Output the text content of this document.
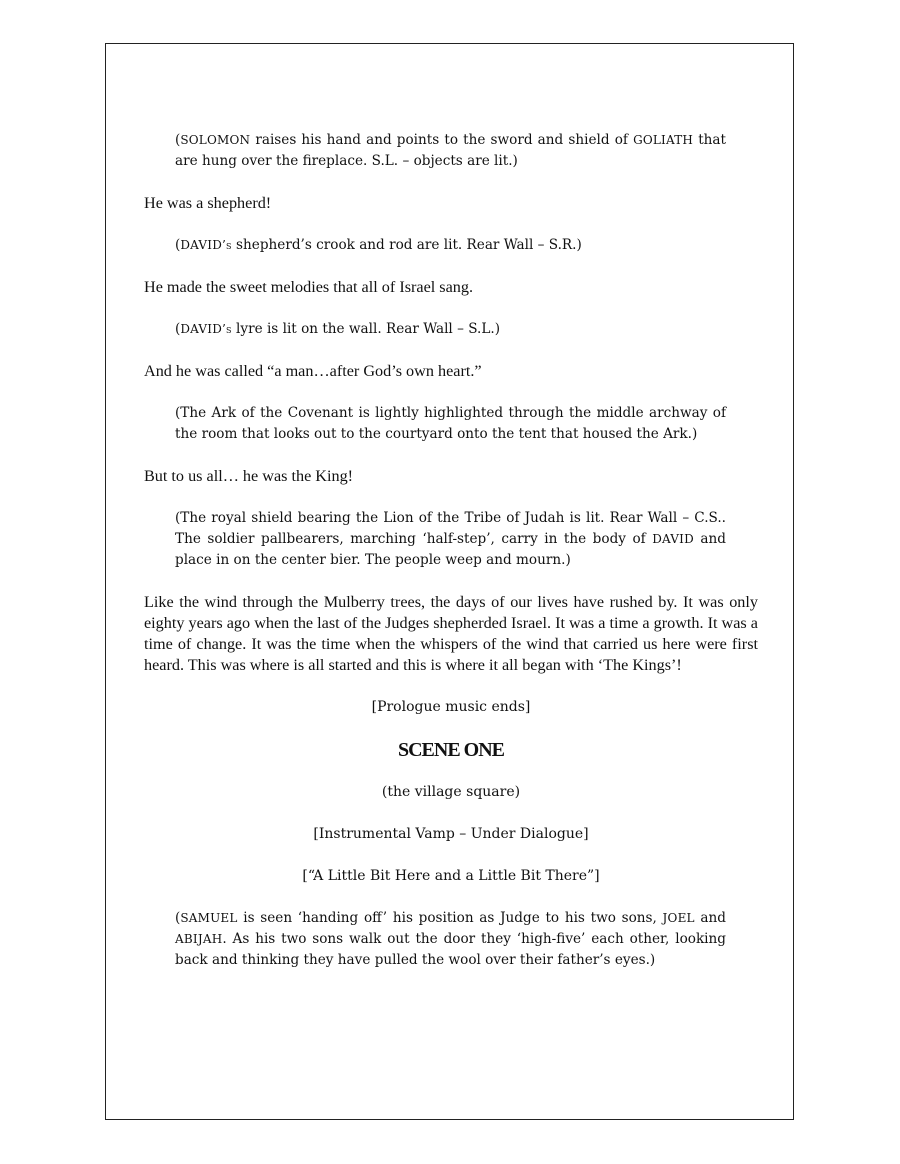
(SOLOMON raises his hand and points to the sword and shield of GOLIATH that are hung over the fireplace. S.L. – objects are lit.)

He was a shepherd!

(DAVID’s shepherd’s crook and rod are lit. Rear Wall – S.R.)

He made the sweet melodies that all of Israel sang.

(DAVID’s lyre is lit on the wall. Rear Wall – S.L.)

And he was called “a man…after God’s own heart.”

(The Ark of the Covenant is lightly highlighted through the middle archway of the room that looks out to the courtyard onto the tent that housed the Ark.)

But to us all… he was the King!

(The royal shield bearing the Lion of the Tribe of Judah is lit. Rear Wall – C.S.. The soldier pallbearers, marching ‘half-step’, carry in the body of DAVID and place in on the center bier. The people weep and mourn.)

Like the wind through the Mulberry trees, the days of our lives have rushed by. It was only eighty years ago when the last of the Judges shepherded Israel. It was a time a growth. It was a time of change. It was the time when the whispers of the wind that carried us here were first heard. This was where is all started and this is where it all began with ‘The Kings’!

[Prologue music ends]

SCENE ONE

(the village square)

[Instrumental Vamp – Under Dialogue]

[“A Little Bit Here and a Little Bit There”]

(SAMUEL is seen ‘handing off’ his position as Judge to his two sons, JOEL and ABIJAH. As his two sons walk out the door they ‘high-five’ each other, looking back and thinking they have pulled the wool over their father’s eyes.)
